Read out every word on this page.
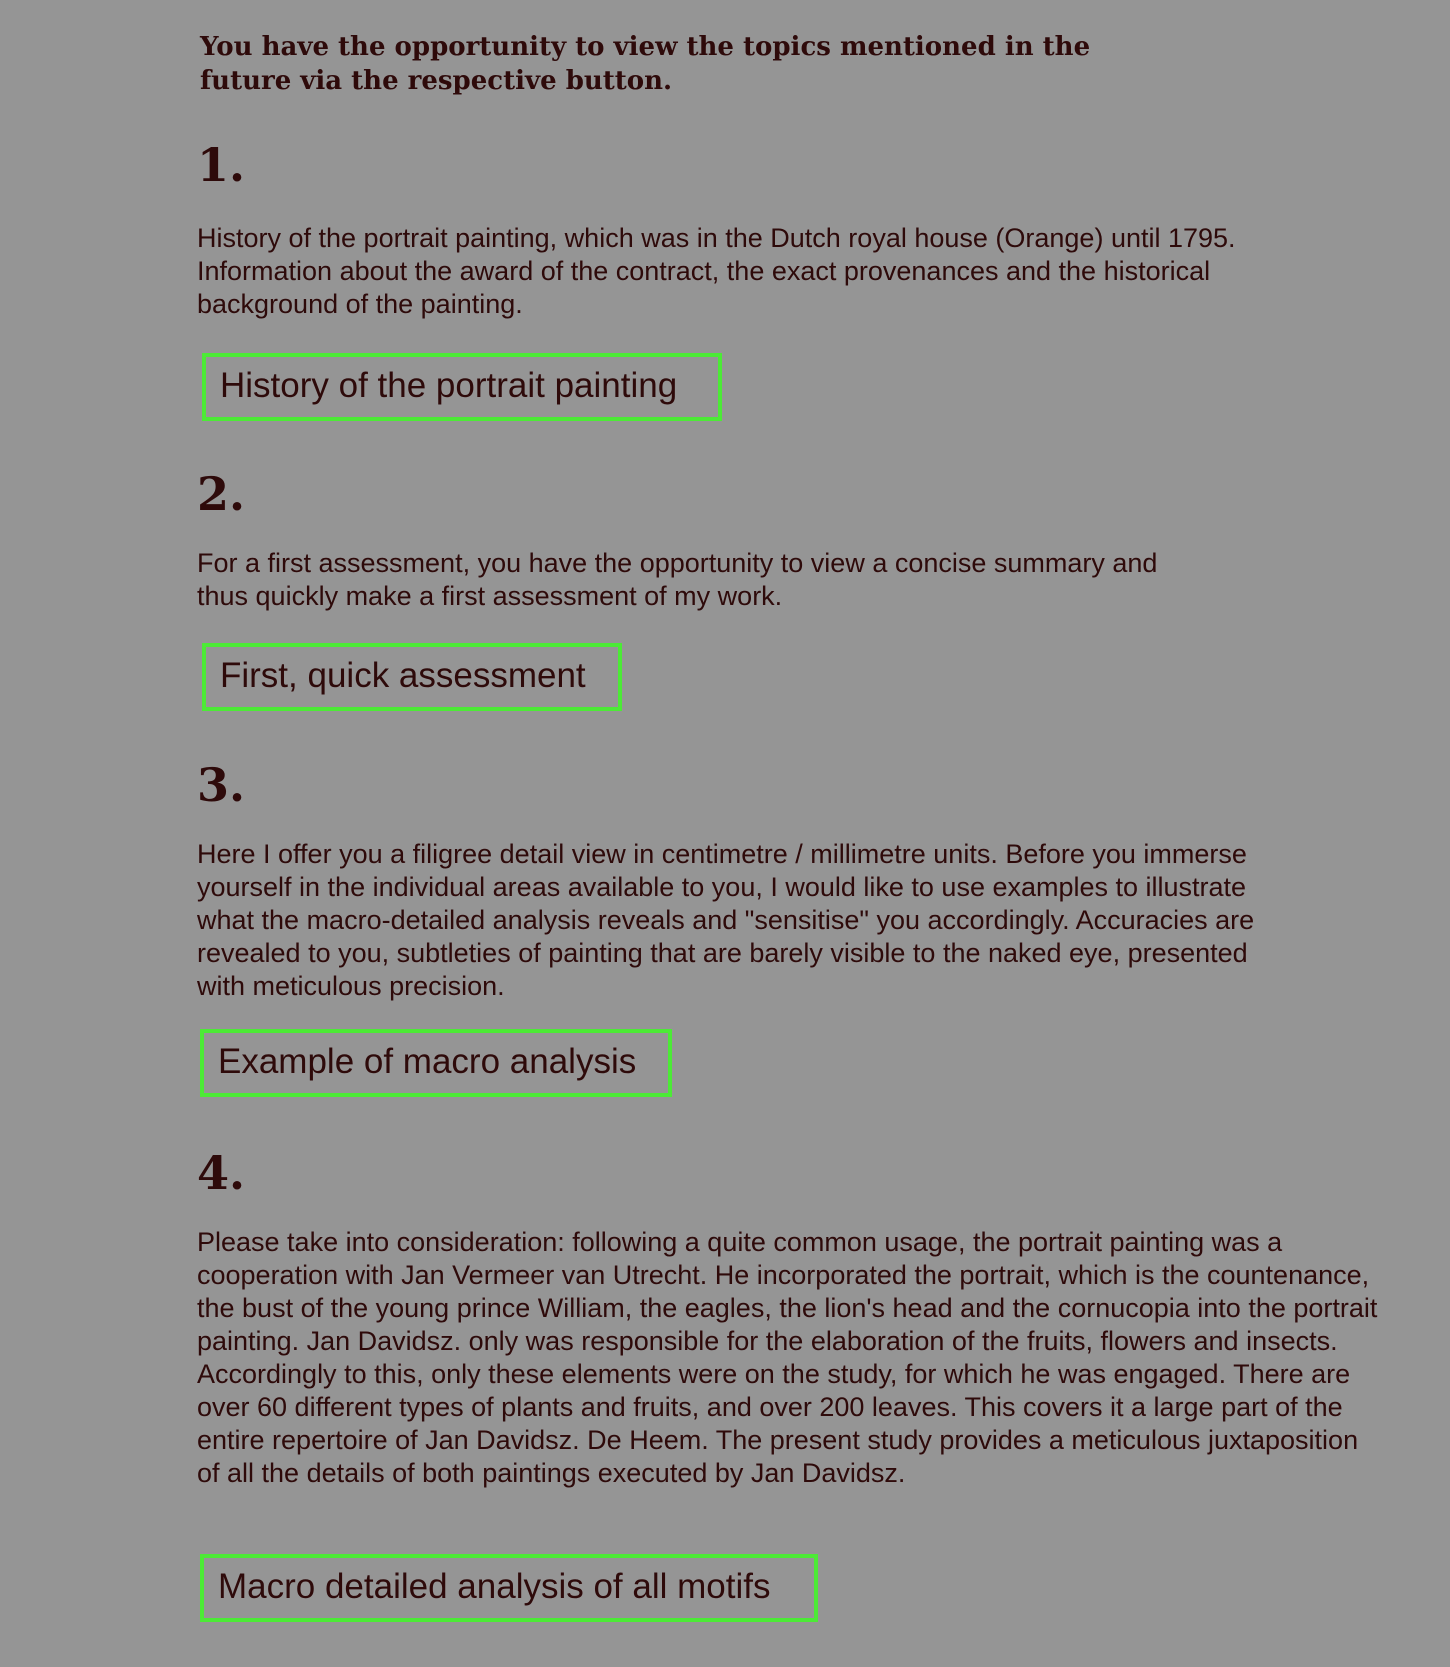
You have the opportunity to view the topics mentioned in the future via the respective button.

1.

History of the portrait painting, which was in the Dutch royal house (Orange) until 1795. Information about the award of the contract, the exact provenances and the historical background of the painting.

History of the portrait painting

2.

For a first assessment, you have the opportunity to view a concise summary and thus quickly make a first assessment of my work.

First, quick assessment

3.

Here I offer you a filigree detail view in centimetre / millimetre units. Before you immerse yourself in the individual areas available to you, I would like to use examples to illustrate what the macro-detailed analysis reveals and "sensitise" you accordingly. Accuracies are revealed to you, subtleties of painting that are barely visible to the naked eye, presented with meticulous precision.

Example of macro analysis

4.

Please take into consideration: following a quite common usage, the portrait painting was a cooperation with Jan Vermeer van Utrecht. He incorporated the portrait, which is the countenance, the bust of the young prince William, the eagles, the lion's head and the cornucopia into the portrait painting. Jan Davidsz. only was responsible for the elaboration of the fruits, flowers and insects. Accordingly to this, only these elements were on the study, for which he was engaged. There are over 60 different types of plants and fruits, and over 200 leaves. This covers it a large part of the entire repertoire of Jan Davidsz. De Heem. The present study provides a meticulous juxtaposition of all the details of both paintings executed by Jan Davidsz.

Macro detailed analysis of all motifs
